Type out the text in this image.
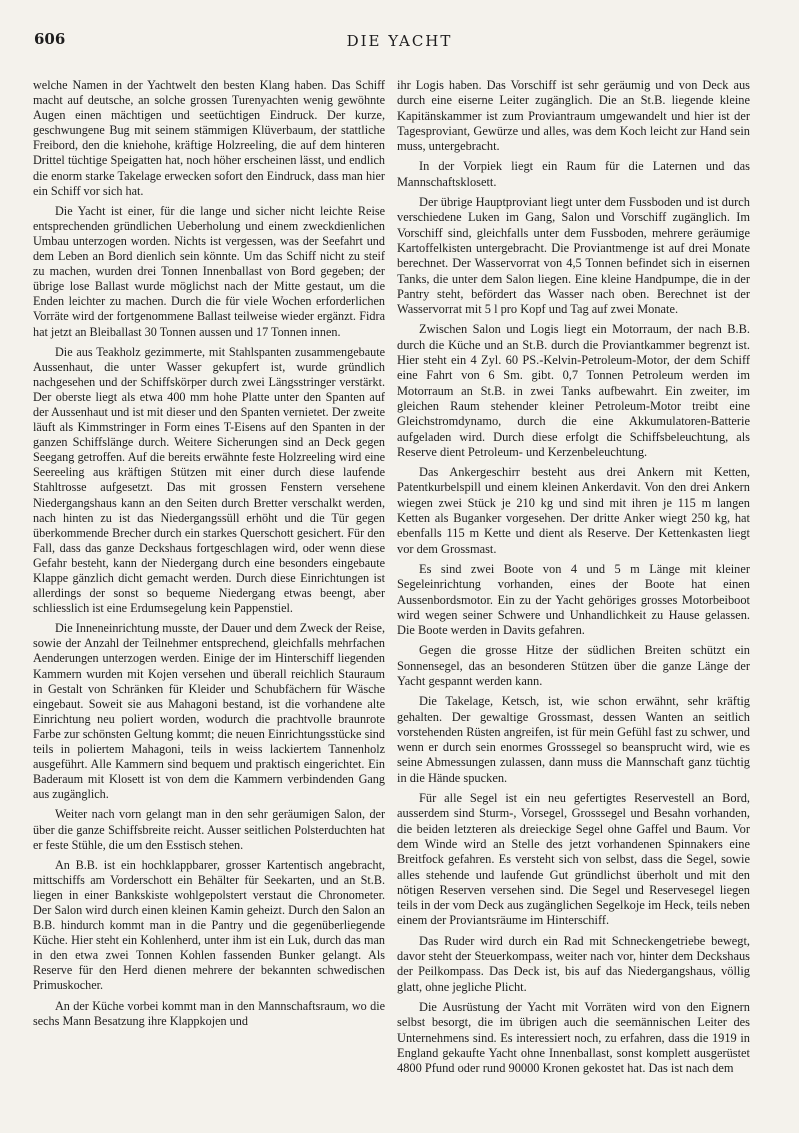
606	DIE YACHT

welche Namen in der Yachtwelt den besten Klang haben. Das Schiff macht auf deutsche, an solche grossen Turenyachten wenig gewöhnte Augen einen mächtigen und seetüchtigen Eindruck. Der kurze, geschwungene Bug mit seinem stämmigen Klüverbaum, der stattliche Freibord, den die kniehohe, kräftige Holzreeling, die auf dem hinteren Drittel tüchtige Speigatten hat, noch höher erscheinen lässt, und endlich die enorm starke Takelage erwecken sofort den Eindruck, dass man hier ein Schiff vor sich hat.

Die Yacht ist einer, für die lange und sicher nicht leichte Reise entsprechenden gründlichen Ueberholung und einem zweckdienlichen Umbau unterzogen worden. Nichts ist vergessen, was der Seefahrt und dem Leben an Bord dienlich sein könnte. Um das Schiff nicht zu steif zu machen, wurden drei Tonnen Innenballast von Bord gegeben; der übrige lose Ballast wurde möglichst nach der Mitte gestaut, um die Enden leichter zu machen. Durch die für viele Wochen erforderlichen Vorräte wird der fortgenommene Ballast teilweise wieder ergänzt. Fidra hat jetzt an Bleiballast 30 Tonnen aussen und 17 Tonnen innen.

Die aus Teakholz gezimmerte, mit Stahlspanten zusammengebaute Aussenhaut, die unter Wasser gekupfert ist, wurde gründlich nachgesehen und der Schiffskörper durch zwei Längsstringer verstärkt. Der oberste liegt als etwa 400 mm hohe Platte unter den Spanten auf der Aussenhaut und ist mit dieser und den Spanten vernietet. Der zweite läuft als Kimmstringer in Form eines T-Eisens auf den Spanten in der ganzen Schiffslänge durch. Weitere Sicherungen sind an Deck gegen Seegang getroffen. Auf die bereits erwähnte feste Holzreeling wird eine Seereeling aus kräftigen Stützen mit einer durch diese laufende Stahltrosse aufgesetzt. Das mit grossen Fenstern versehene Niedergangshaus kann an den Seiten durch Bretter verschalkt werden, nach hinten zu ist das Niedergangssüll erhöht und die Tür gegen überkommende Brecher durch ein starkes Querschott gesichert. Für den Fall, dass das ganze Deckshaus fortgeschlagen wird, oder wenn diese Gefahr besteht, kann der Niedergang durch eine besonders eingebaute Klappe gänzlich dicht gemacht werden. Durch diese Einrichtungen ist allerdings der sonst so bequeme Niedergang etwas beengt, aber schliesslich ist eine Erdumsegelung kein Pappenstiel.

Die Inneneinrichtung musste, der Dauer und dem Zweck der Reise, sowie der Anzahl der Teilnehmer entsprechend, gleichfalls mehrfachen Aenderungen unterzogen werden. Einige der im Hinterschiff liegenden Kammern wurden mit Kojen versehen und überall reichlich Stauraum in Gestalt von Schränken für Kleider und Schubfächern für Wäsche eingebaut. Soweit sie aus Mahagoni bestand, ist die vorhandene alte Einrichtung neu poliert worden, wodurch die prachtvolle braunrote Farbe zur schönsten Geltung kommt; die neuen Einrichtungsstücke sind teils in poliertem Mahagoni, teils in weiss lackiertem Tannenholz ausgeführt. Alle Kammern sind bequem und praktisch eingerichtet. Ein Baderaum mit Klosett ist von dem die Kammern verbindenden Gang aus zugänglich.

Weiter nach vorn gelangt man in den sehr geräumigen Salon, der über die ganze Schiffsbreite reicht. Ausser seitlichen Polsterduchten hat er feste Stühle, die um den Esstisch stehen.

An B.B. ist ein hochklappbarer, grosser Kartentisch angebracht, mittschiffs am Vorderschott ein Behälter für Seekarten, und an St.B. liegen in einer Bankskiste wohlgepolstert verstaut die Chronometer. Der Salon wird durch einen kleinen Kamin geheizt. Durch den Salon an B.B. hindurch kommt man in die Pantry und die gegenüberliegende Küche. Hier steht ein Kohlenherd, unter ihm ist ein Luk, durch das man in den etwa zwei Tonnen Kohlen fassenden Bunker gelangt. Als Reserve für den Herd dienen mehrere der bekannten schwedischen Primuskocher.

An der Küche vorbei kommt man in den Mannschaftsraum, wo die sechs Mann Besatzung ihre Klappkojen und

ihr Logis haben. Das Vorschiff ist sehr geräumig und von Deck aus durch eine eiserne Leiter zugänglich. Die an St.B. liegende kleine Kapitänskammer ist zum Proviantraum umgewandelt und hier ist der Tagesproviant, Gewürze und alles, was dem Koch leicht zur Hand sein muss, untergebracht.

In der Vorpiek liegt ein Raum für die Laternen und das Mannschaftsklosett.

Der übrige Hauptproviant liegt unter dem Fussboden und ist durch verschiedene Luken im Gang, Salon und Vorschiff zugänglich. Im Vorschiff sind, gleichfalls unter dem Fussboden, mehrere geräumige Kartoffelkisten untergebracht. Die Proviantmenge ist auf drei Monate berechnet. Der Wasservorrat von 4,5 Tonnen befindet sich in eisernen Tanks, die unter dem Salon liegen. Eine kleine Handpumpe, die in der Pantry steht, befördert das Wasser nach oben. Berechnet ist der Wasservorrat mit 5 l pro Kopf und Tag auf zwei Monate.

Zwischen Salon und Logis liegt ein Motorraum, der nach B.B. durch die Küche und an St.B. durch die Proviantkammer begrenzt ist. Hier steht ein 4 Zyl. 60 PS.-Kelvin-Petroleum-Motor, der dem Schiff eine Fahrt von 6 Sm. gibt. 0,7 Tonnen Petroleum werden im Motorraum an St.B. in zwei Tanks aufbewahrt. Ein zweiter, im gleichen Raum stehender kleiner Petroleum-Motor treibt eine Gleichstromdynamo, durch die eine Akkumulatoren-Batterie aufgeladen wird. Durch diese erfolgt die Schiffsbeleuchtung, als Reserve dient Petroleum- und Kerzenbeleuchtung.

Das Ankergeschirr besteht aus drei Ankern mit Ketten, Patentkurbelspill und einem kleinen Ankerdavit. Von den drei Ankern wiegen zwei Stück je 210 kg und sind mit ihren je 115 m langen Ketten als Buganker vorgesehen. Der dritte Anker wiegt 250 kg, hat ebenfalls 115 m Kette und dient als Reserve. Der Kettenkasten liegt vor dem Grossmast.

Es sind zwei Boote von 4 und 5 m Länge mit kleiner Segeleinrichtung vorhanden, eines der Boote hat einen Aussenbordsmotor. Ein zu der Yacht gehöriges grosses Motorbeiboot wird wegen seiner Schwere und Unhandlichkeit zu Hause gelassen. Die Boote werden in Davits gefahren.

Gegen die grosse Hitze der südlichen Breiten schützt ein Sonnensegel, das an besonderen Stützen über die ganze Länge der Yacht gespannt werden kann.

Die Takelage, Ketsch, ist, wie schon erwähnt, sehr kräftig gehalten. Der gewaltige Grossmast, dessen Wanten an seitlich vorstehenden Rüsten angreifen, ist für mein Gefühl fast zu schwer, und wenn er durch sein enormes Grosssegel so beansprucht wird, wie es seine Abmessungen zulassen, dann muss die Mannschaft ganz tüchtig in die Hände spucken.

Für alle Segel ist ein neu gefertigtes Reservestell an Bord, ausserdem sind Sturm-, Vorsegel, Grosssegel und Besahn vorhanden, die beiden letzteren als dreieckige Segel ohne Gaffel und Baum. Vor dem Winde wird an Stelle des jetzt vorhandenen Spinnakers eine Breitfock gefahren. Es versteht sich von selbst, dass die Segel, sowie alles stehende und laufende Gut gründlichst überholt und mit den nötigen Reserven versehen sind. Die Segel und Reservesegel liegen teils in der vom Deck aus zugänglichen Segelkoje im Heck, teils neben einem der Proviantsräume im Hinterschiff.

Das Ruder wird durch ein Rad mit Schneckengetriebe bewegt, davor steht der Steuerkompass, weiter nach vor, hinter dem Deckshaus der Peilkompass. Das Deck ist, bis auf das Niedergangshaus, völlig glatt, ohne jegliche Plicht.

Die Ausrüstung der Yacht mit Vorräten wird von den Eignern selbst besorgt, die im übrigen auch die seemännischen Leiter des Unternehmens sind. Es interessiert noch, zu erfahren, dass die 1919 in England gekaufte Yacht ohne Innenballast, sonst komplett ausgerüstet 4800 Pfund oder rund 90000 Kronen gekostet hat. Das ist nach dem
